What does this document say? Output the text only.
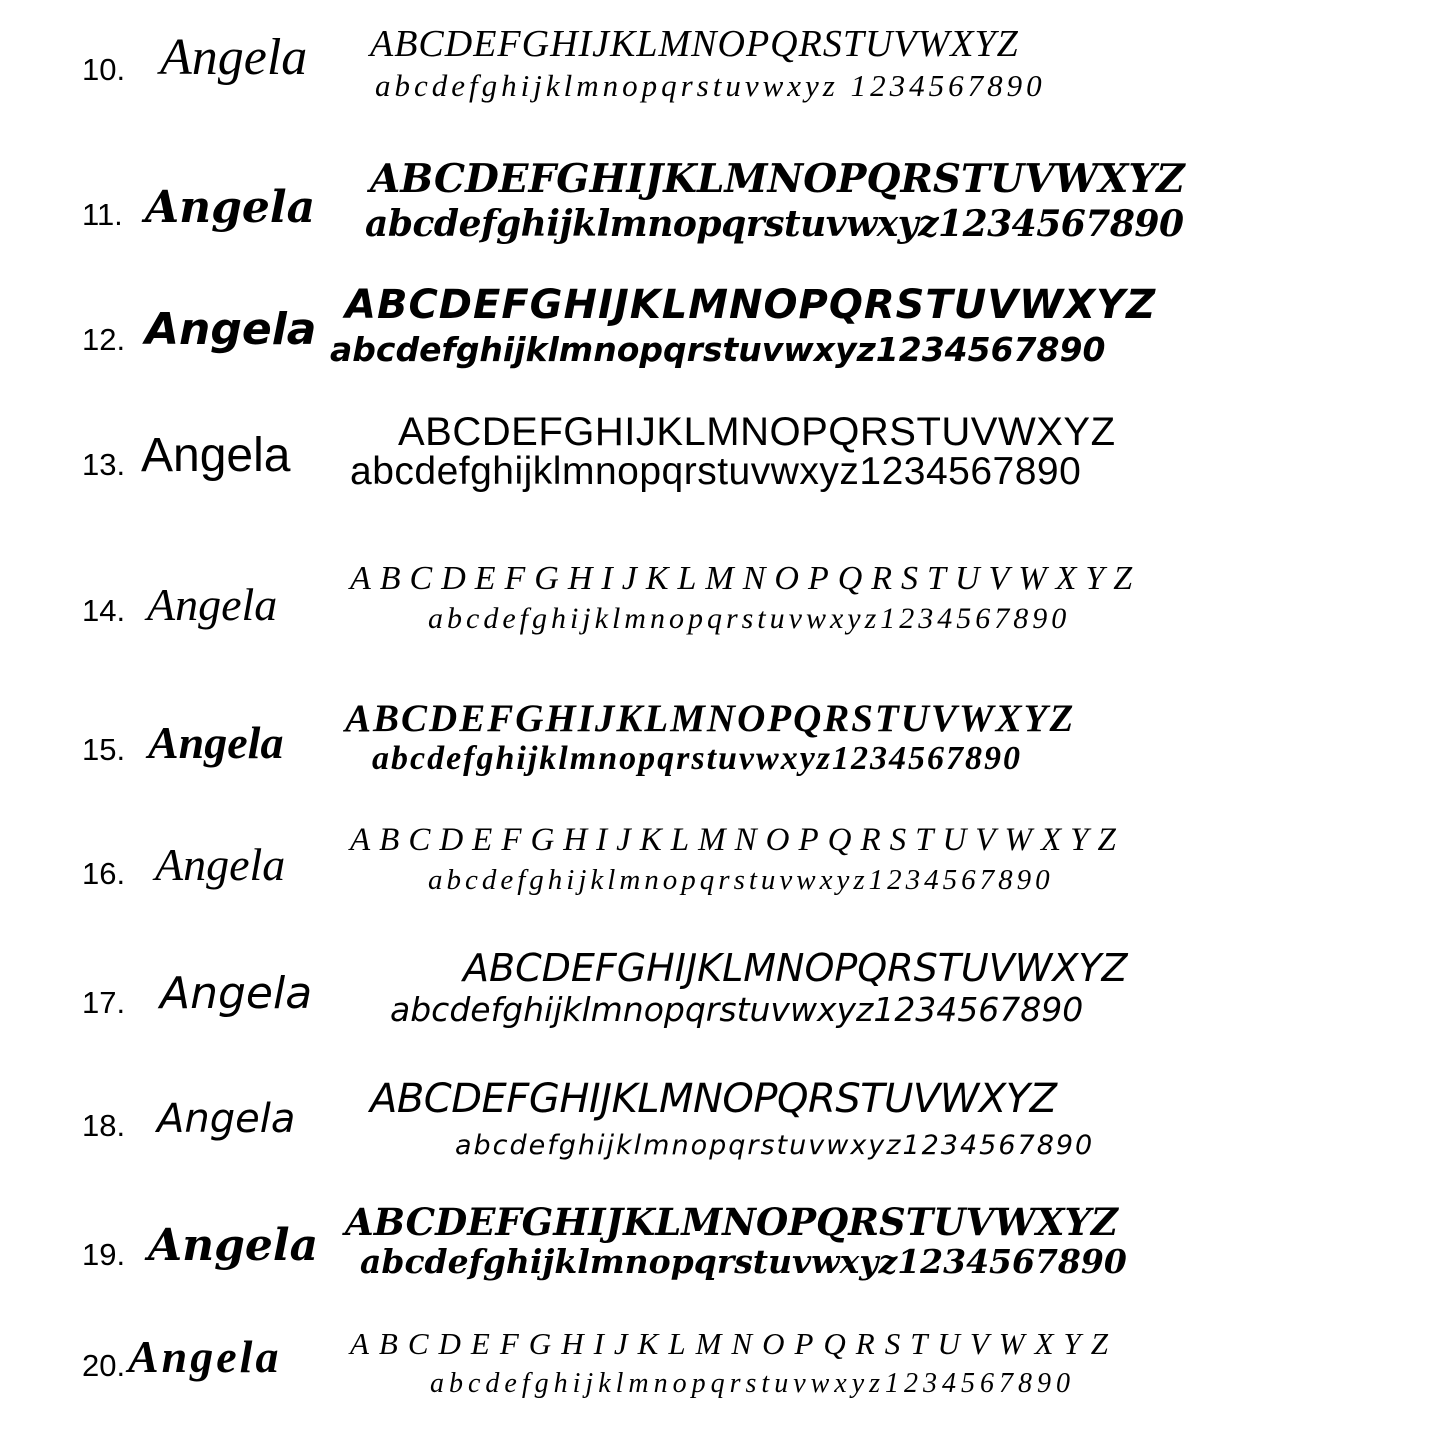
10. Angela ABCDEFGHIJKLMNOPQRSTUVWXYZ
abcdefghijklmnopqrstuvwxyz 1234567890
11. Angela
ABCDEFGHIJKLMNOPQRSTUVWXYZ
abcdefghijklmnopqrstuvwxyz1234567890
12. Angela ABCDEFGHIJKLMNOPQRSTUVWXYZ
abcdefghijklmnopqrstuvwxyz1234567890
13. Angela	ABCDEFGHIJKLMNOPQRSTUVWXYZ
abcdefghijklmnopqrstuvwxyz1234567890
14. Angela
ABCDEFGHIJKLMNOPQRSTUVWXYZ
abcdefghijklmnopqrstuvwxyz1234567890
15. Angela ABCDEFGHIJKLMNOPQRSTUVWXYZ
abcdefghijklmnopqrstuvwxyz1234567890
16. Angela ABCDEFGHIJKLMNOPQRSTUVWXYZ
abcdefghijklmnopqrstuvwxyz1234567890
17. Angela	ABCDEFGHIJKLMNOPQRSTUVWXYZ
abcdefghijklmnopqrstuvwxyz1234567890
18. Angela ABCDEFGHIJKLMNOPQRSTUVWXYZ
abcdefghijklmnopqrstuvwxyz1234567890
19. Angela ABCDEFGHIJKLMNOPQRSTUVWXYZ
abcdefghijklmnopqrstuvwxyz1234567890
20. Angela ABCDEFGHIJKLMNOPQRSTUVWXYZ
abcdefghijklmnopqrstuvwxyz1234567890
